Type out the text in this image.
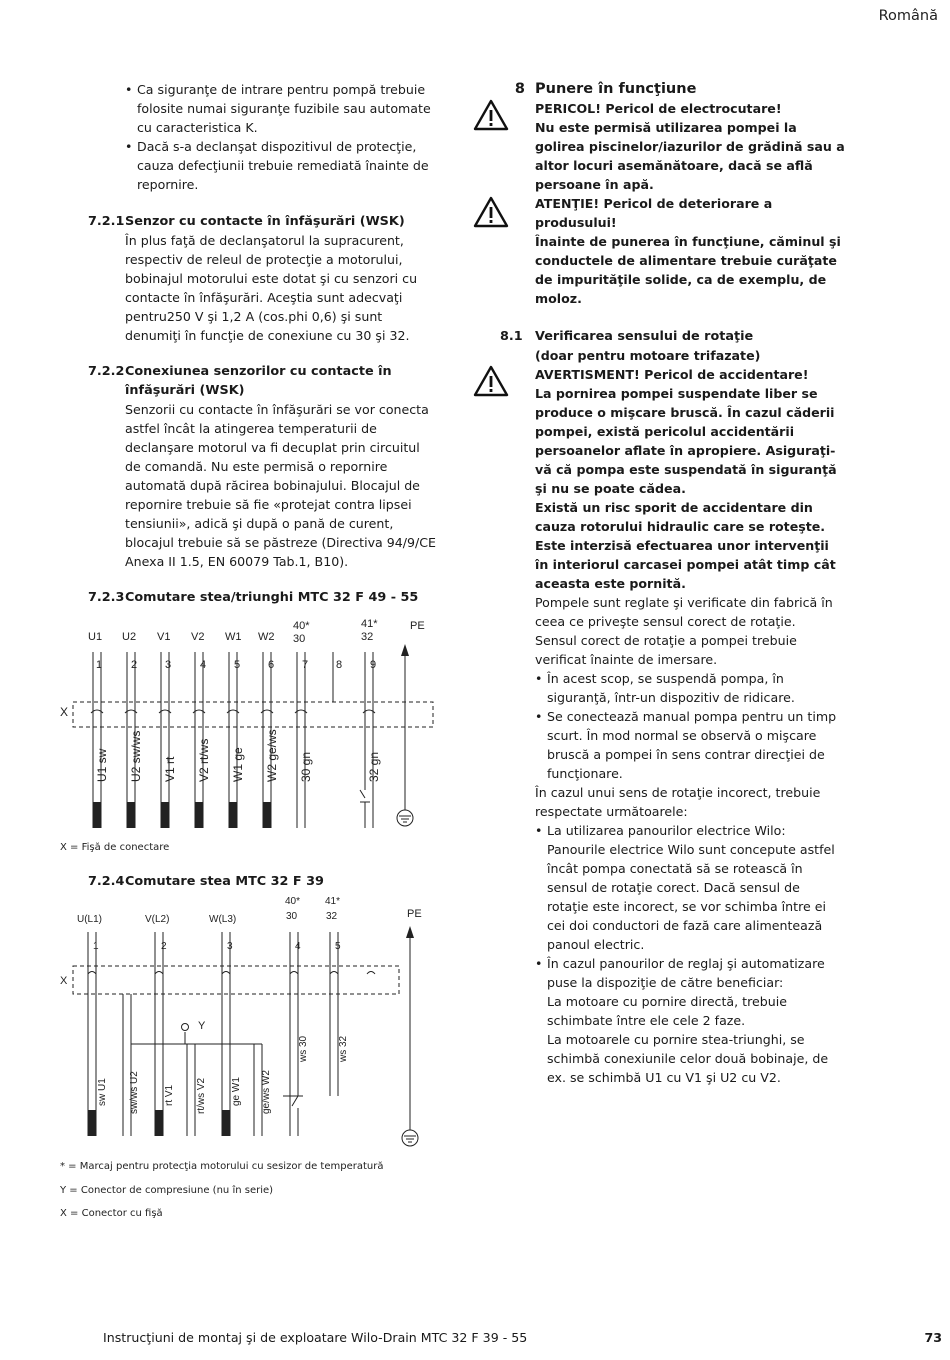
Română
• Ca siguranţe de intrare pentru pompă trebuie folosite numai siguranţe fuzibile sau automate cu caracteristica K.
• Dacă s-a declanşat dispozitivul de protecţie, cauza defecţiunii trebuie remediată înainte de repornire.
7.2.1 Senzor cu contacte în înfăşurări (WSK)

În plus faţă de declanşatorul la supracurent, respectiv de releul de protecţie a motorului, bobinajul motorului este dotat şi cu senzori cu contacte în înfăşurări. Aceştia sunt adecvaţi pentru250 V şi 1,2 A (cos.phi 0,6) şi sunt denumiţi în funcţie de conexiune cu 30 şi 32.

7.2.2 Conexiunea senzorilor cu contacte în înfăşurări (WSK)

Senzorii cu contacte în înfăşurări se vor conecta astfel încât la atingerea temperaturii de declanşare motorul va fi decuplat prin circuitul de comandă. Nu este permisă o repornire automată după răcirea bobinajului. Blocajul de repornire trebuie să fie «protejat contra lipsei tensiunii», adică şi după o pană de curent, blocajul trebuie să se păstreze (Directiva 94/9/CE Anexa II 1.5, EN 60079 Tab.1, B10).

7.2.3 Comutare stea/triunghi MTC 32 F 49 - 55
U1 U2 V1 V2 W1 W2
40*
30
41*
32
PE
1	2	3	4	5	6	7	8	9
X
U1 sw U2 sw/ws V1 rt V2 rt/ws W1 ge W2 ge/ws 30 gn	32 gn
X = Fişă de conectare
7.2.4 Comutare stea MTC 32 F 39
U(L1)	V(L2)	W(L3)
40*
30
41*
32	PE
1	2	3	4	5
X
Y
sw U1 sw/ws U2 rt V1 rt/ws V2 ge W1 ge/ws W2
ws 30	ws 32
* = Marcaj pentru protecţia motorului cu sesizor de temperatură
Y = Conector de compresiune (nu în serie)
X = Conector cu fişă
8 Punere în funcţiune

PERICOL! Pericol de electrocutare!

Nu este permisă utilizarea pompei la golirea piscinelor/iazurilor de grădină sau a altor locuri asemănătoare, dacă se află persoane în apă.

ATENŢIE! Pericol de deteriorare a produsului!

Înainte de punerea în funcţiune, căminul şi conductele de alimentare trebuie curăţate de impurităţile solide, ca de exemplu, de moloz.

8.1 Verificarea sensului de rotaţie

(doar pentru motoare trifazate)

AVERTISMENT! Pericol de accidentare!

La pornirea pompei suspendate liber se produce o mişcare bruscă. În cazul căderii pompei, există pericolul accidentării persoanelor aflate în apropiere. Asiguraţi-vă că pompa este suspendată în siguranţă şi nu se poate cădea.

Există un risc sporit de accidentare din cauza rotorului hidraulic care se roteşte. Este interzisă efectuarea unor intervenţii în interiorul carcasei pompei atât timp cât aceasta este pornită.

Pompele sunt reglate şi verificate din fabrică în ceea ce priveşte sensul corect de rotaţie.

Sensul corect de rotaţie a pompei trebuie verificat înainte de imersare.

• În acest scop, se suspendă pompa, în siguranţă, într-un dispozitiv de ridicare.
• Se conectează manual pompa pentru un timp scurt. În mod normal se observă o mişcare bruscă a pompei în sens contrar direcţiei de funcţionare.

În cazul unui sens de rotaţie incorect, trebuie respectate următoarele:

• La utilizarea panourilor electrice Wilo: Panourile electrice Wilo sunt concepute astfel încât pompa conectată să se rotească în sensul de rotaţie corect. Dacă sensul de rotaţie este incorect, se vor schimba între ei cei doi conductori de fază care alimentează panoul electric.
• În cazul panourilor de reglaj şi automatizare puse la dispoziţie de către beneficiar:
La motoare cu pornire directă, trebuie schimbate între ele cele 2 faze.
La motoarele cu pornire stea-triunghi, se schimbă conexiunile celor două bobinaje, de ex. se schimbă U1 cu V1 şi U2 cu V2.
Instrucţiuni de montaj şi de exploatare Wilo-Drain MTC 32 F 39 - 55	73
